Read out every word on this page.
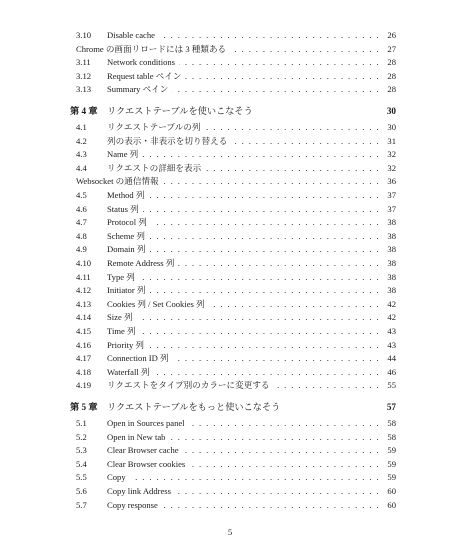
3.10	Disable cache . . .	26
Chrome の画面リロードには 3 種類ある . . .	27
3.11	Network conditions . . .	28
3.12	Request table ペイン . . .	28
3.13	Summary ペイン . . .	28
第 4 章	リクエストテーブルを使いこなそう	30
4.1	リクエストテーブルの列 . . .	30
4.2	列の表示・非表示を切り替える . . .	31
4.3	Name 列 . . .	32
4.4	リクエストの詳細を表示 . . .	32
Websocket の通信情報 . . .	36
4.5	Method 列 . . .	37
4.6	Status 列 . . .	37
4.7	Protocol 列 . . .	38
4.8	Scheme 列 . . .	38
4.9	Domain 列 . . .	38
4.10	Remote Address 列 . . .	38
4.11	Type 列 . . .	38
4.12	Initiator 列 . . .	38
4.13	Cookies 列 / Set Cookies 列 . . .	42
4.14	Size 列 . . .	42
4.15	Time 列 . . .	43
4.16	Priority 列 . . .	43
4.17	Connection ID 列 . . .	44
4.18	Waterfall 列 . . .	46
4.19	リクエストをタイプ別のカラーに変更する . . .	55
第 5 章	リクエストテーブルをもっと使いこなそう	57
5.1	Open in Sources panel . . .	58
5.2	Open in New tab . . .	58
5.3	Clear Browser cache . . .	59
5.4	Clear Browser cookies . . .	59
5.5	Copy . . .	59
5.6	Copy link Address . . .	60
5.7	Copy response . . .	60
5
